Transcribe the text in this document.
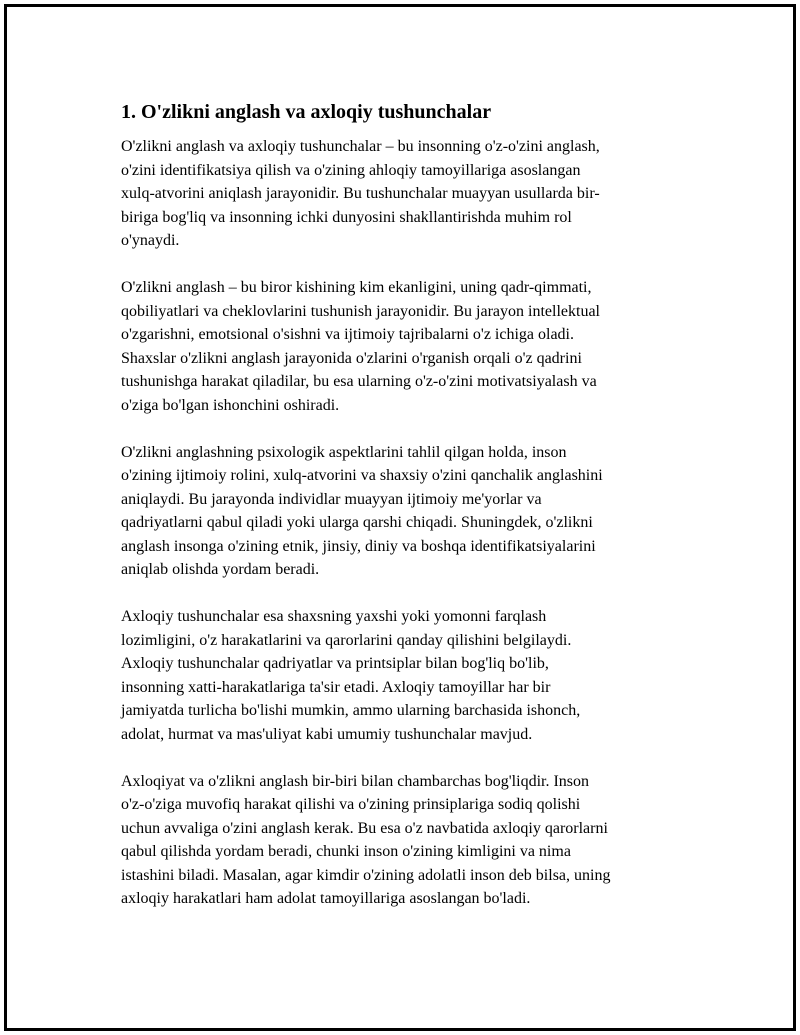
1. O'zlikni anglash va axloqiy tushunchalar

O'zlikni anglash va axloqiy tushunchalar – bu insonning o'z-o'zini anglash,
o'zini identifikatsiya qilish va o'zining ahloqiy tamoyillariga asoslangan
xulq-atvorini aniqlash jarayonidir. Bu tushunchalar muayyan usullarda bir-
biriga bog'liq va insonning ichki dunyosini shakllantirishda muhim rol
o'ynaydi.

O'zlikni anglash – bu biror kishining kim ekanligini, uning qadr-qimmati,
qobiliyatlari va cheklovlarini tushunish jarayonidir. Bu jarayon intellektual
o'zgarishni, emotsional o'sishni va ijtimoiy tajribalarni o'z ichiga oladi.
Shaxslar o'zlikni anglash jarayonida o'zlarini o'rganish orqali o'z qadrini
tushunishga harakat qiladilar, bu esa ularning o'z-o'zini motivatsiyalash va
o'ziga bo'lgan ishonchini oshiradi.

O'zlikni anglashning psixologik aspektlarini tahlil qilgan holda, inson
o'zining ijtimoiy rolini, xulq-atvorini va shaxsiy o'zini qanchalik anglashini
aniqlaydi. Bu jarayonda individlar muayyan ijtimoiy me'yorlar va
qadriyatlarni qabul qiladi yoki ularga qarshi chiqadi. Shuningdek, o'zlikni
anglash insonga o'zining etnik, jinsiy, diniy va boshqa identifikatsiyalarini
aniqlab olishda yordam beradi.

Axloqiy tushunchalar esa shaxsning yaxshi yoki yomonni farqlash
lozimligini, o'z harakatlarini va qarorlarini qanday qilishini belgilaydi.
Axloqiy tushunchalar qadriyatlar va printsiplar bilan bog'liq bo'lib,
insonning xatti-harakatlariga ta'sir etadi. Axloqiy tamoyillar har bir
jamiyatda turlicha bo'lishi mumkin, ammo ularning barchasida ishonch,
adolat, hurmat va mas'uliyat kabi umumiy tushunchalar mavjud.

Axloqiyat va o'zlikni anglash bir-biri bilan chambarchas bog'liqdir. Inson
o'z-o'ziga muvofiq harakat qilishi va o'zining prinsiplariga sodiq qolishi
uchun avvaliga o'zini anglash kerak. Bu esa o'z navbatida axloqiy qarorlarni
qabul qilishda yordam beradi, chunki inson o'zining kimligini va nima
istashini biladi. Masalan, agar kimdir o'zining adolatli inson deb bilsa, uning
axloqiy harakatlari ham adolat tamoyillariga asoslangan bo'ladi.
